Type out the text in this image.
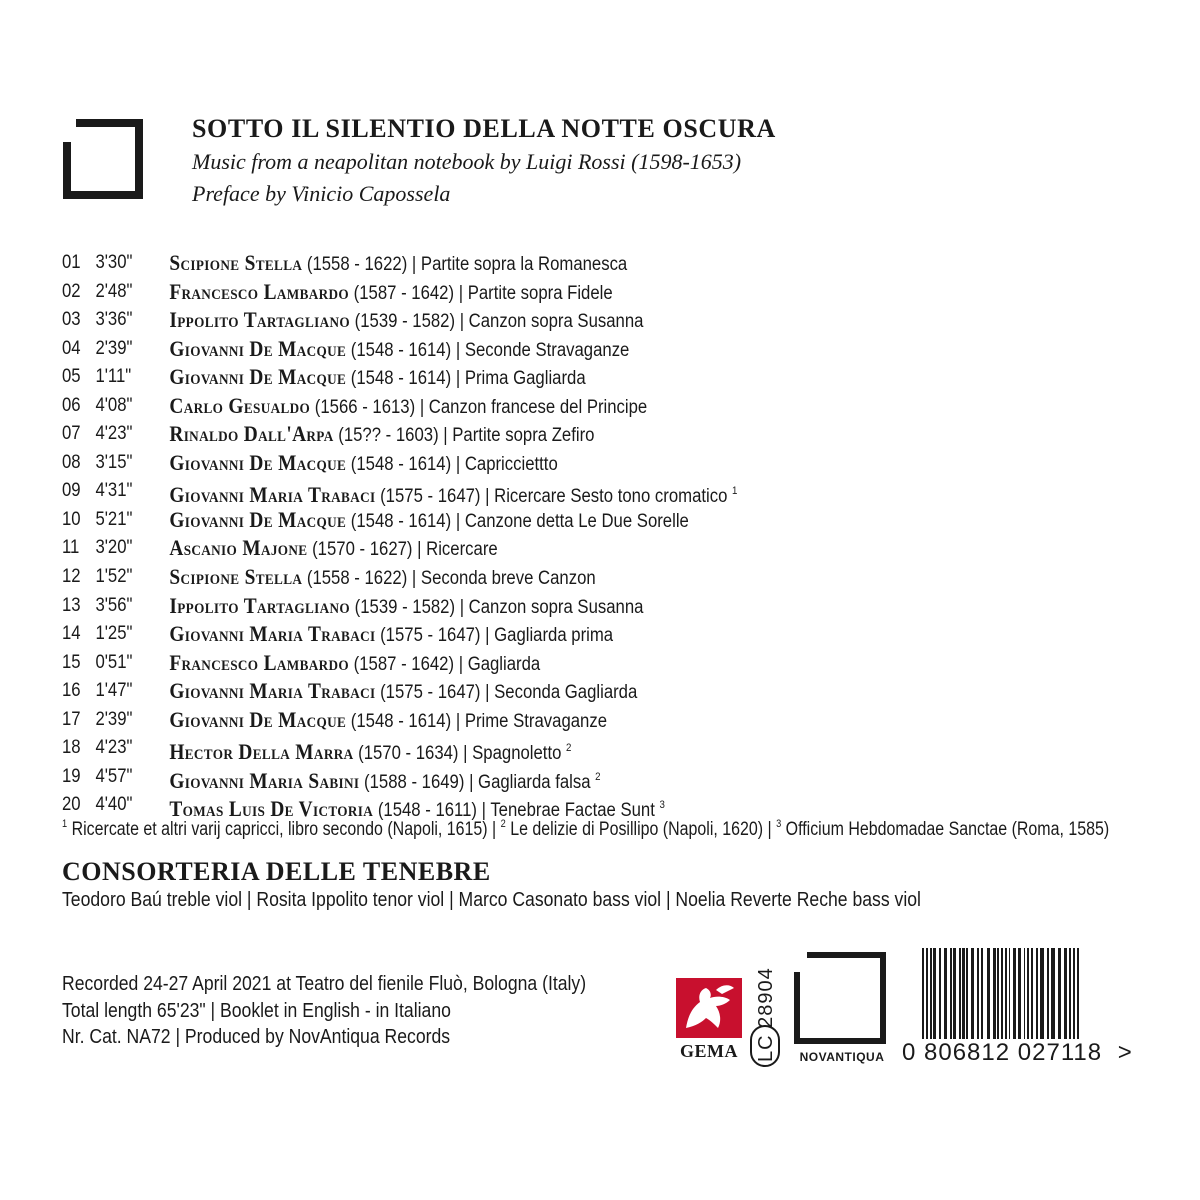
SOTTO IL SILENTIO DELLA NOTTE OSCURA
Music from a neapolitan notebook by Luigi Rossi (1598-1653)
Preface by Vinicio Capossela
01 3'30" Scipione Stella (1558 - 1622) | Partite sopra la Romanesca
02 2'48" Francesco Lambardo (1587 - 1642) | Partite sopra Fidele
03 3'36" Ippolito Tartagliano (1539 - 1582) | Canzon sopra Susanna
04 2'39" Giovanni De Macque (1548 - 1614) | Seconde Stravaganze
05 1'11" Giovanni De Macque (1548 - 1614) | Prima Gagliarda
06 4'08" Carlo Gesualdo (1566 - 1613) | Canzon francese del Principe
07 4'23" Rinaldo Dall'Arpa (15?? - 1603) | Partite sopra Zefiro
08 3'15" Giovanni De Macque (1548 - 1614) | Capricciettto
09 4'31" Giovanni Maria Trabaci (1575 - 1647) | Ricercare Sesto tono cromatico $^1$
10 5'21" Giovanni De Macque (1548 - 1614) | Canzone detta Le Due Sorelle
11 3'20" Ascanio Majone (1570 - 1627) | Ricercare
12 1'52" Scipione Stella (1558 - 1622) | Seconda breve Canzon
13 3'56" Ippolito Tartagliano (1539 - 1582) | Canzon sopra Susanna
14 1'25" Giovanni Maria Trabaci (1575 - 1647) | Gagliarda prima
15 0'51" Francesco Lambardo (1587 - 1642) | Gagliarda
16 1'47" Giovanni Maria Trabaci (1575 - 1647) | Seconda Gagliarda
17 2'39" Giovanni De Macque (1548 - 1614) | Prime Stravaganze
18 4'23" Hector Della Marra (1570 - 1634) | Spagnoletto $^2$
19 4'57" Giovanni Maria Sabini (1588 - 1649) | Gagliarda falsa $^2$
20 4'40" Tomas Luis De Victoria (1548 - 1611) | Tenebrae Factae Sunt $^3$
$^1$ Ricercate et altri varij capricci, libro secondo (Napoli, 1615) | $^2$ Le delizie di Posillipo (Napoli, 1620) | $^3$ Officium Hebdomadae Sanctae (Roma, 1585)
CONSORTERIA DELLE TENEBRE
Teodoro Baú treble viol | Rosita Ippolito tenor viol | Marco Casonato bass viol | Noelia Reverte Reche bass viol
Recorded 24-27 April 2021 at Teatro del fienile Fluò, Bologna (Italy)
Total length 65'23" | Booklet in English - in Italiano
Nr. Cat. NA72 | Produced by NovAntiqua Records
GEMA LC 28904	NOVANTIQUA 0 806812 027118 >
